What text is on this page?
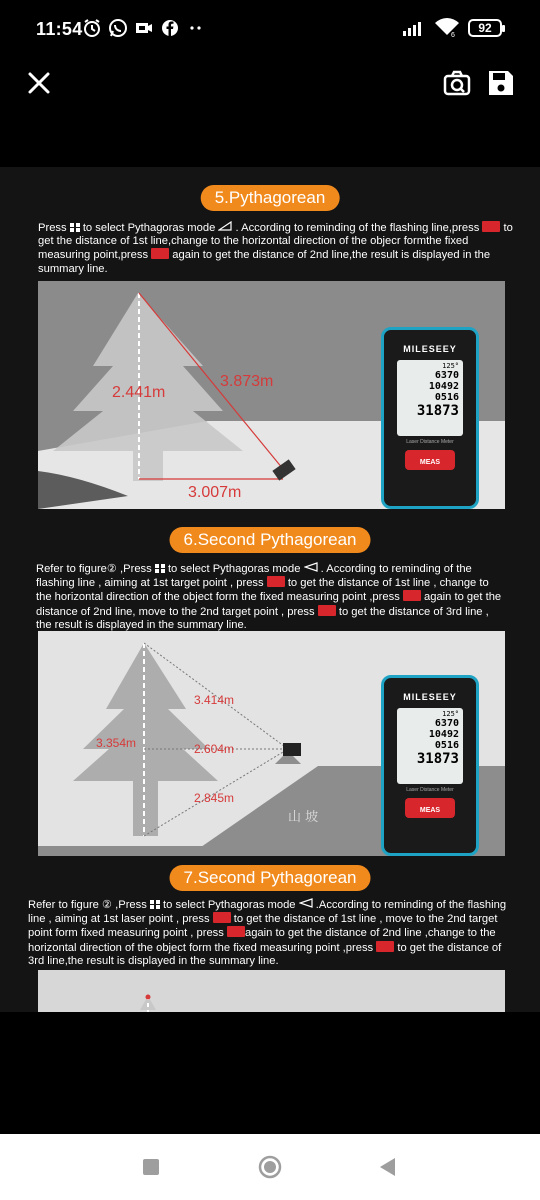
11:54	6
92
5.Pythagorean
Press  to select Pythagoras mode  . According to reminding of the flashing line,press  to get the distance of 1st line,change to the horizontal direction of the objecr formthe fixed measuring point,press  again to get the distance of 2nd line,the result is displayed in the summary line.
2.441m
3.873m
3.007m
MILESEEY
125°
6370
10492
0516
31873
Laser Distance Meter
MEAS
6.Second Pythagorean
Refer to figure② ,Press  to select Pythagoras mode . According to reminding of the flashing line , aiming at 1st target point , press  to get the distance of 1st line , change to the horizontal direction of the object form the fixed measuring point ,press  again to get the distance of 2nd line, move to the 2nd target point , press  to get the distance of 3rd line , the result is displayed in the summary line.
3.414m
3.354m	2.604m
2.845m
山 坡
MILESEEY
125°
6370
10492
0516
31873
Laser Distance Meter
MEAS
7.Second Pythagorean
Refer to figure ② ,Press  to select Pythagoras mode .According to reminding of the flashing line , aiming at 1st laser point , press  to get the distance of 1st line , move to the 2nd target point form fixed measuring point , press again to get the distance of 2nd line ,change to the horizontal direction of the object form the fixed measuring point ,press  to get the distance of 3rd line,the result is displayed in the summary line.
